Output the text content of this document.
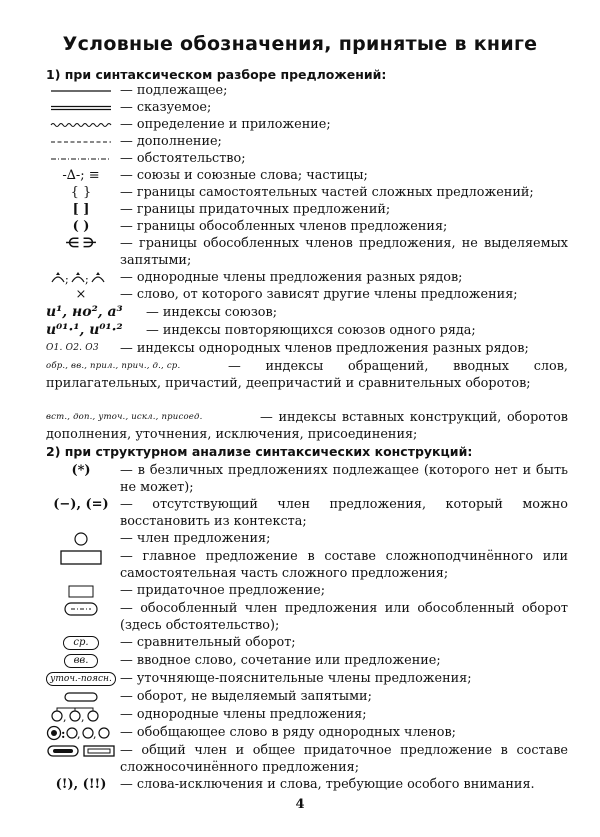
Условные обозначения, принятые в книге
1) при синтаксическом разборе предложений:
— подлежащее;
— сказуемое;
— определение и приложение;
— дополнение;
— обстоятельство;
-∆-; ≡	— союзы и союзные слова; частицы;
{ }	— границы самостоятельных частей сложных предложений;
[ ]	— границы придаточных предложений;
( )	— границы обособленных членов предложения;
⋲ ⋺	— границы обособленных членов предложения, не выделяемых запятыми;
; ; — однородные члены предложения разных рядов;
×	— слово, от которого зависят другие члены предложения;
и¹, но², а³ — индексы союзов;
и⁰¹·¹, и⁰¹·² — индексы повторяющихся союзов одного ряда;
О1. О2. О3 — индексы однородных членов предложения разных рядов;
обр., вв., прил., прич., д., ср.	— индексы обращений, вводных слов, прилагательных, причастий, деепричастий и сравнительных оборотов;
вст., доп., уточ., искл., присоед.	— индексы вставных конструкций, оборотов дополнения, уточнения, исключения, присоединения;
2) при структурном анализе синтаксических конструкций:
(*)	— в безличных предложениях подлежащее (которого нет и быть не может);
(−), (=) — отсутствующий член предложения, который можно восстановить из контекста;
— член предложения;
— главное предложение в составе сложноподчинённого или самостоятельная часть сложного предложения;
— придаточное предложение;
— обособленный член предложения или обособленный оборот (здесь обстоятельство);
ср.	— сравнительный оборот;
вв.	— вводное слово, сочетание или предложение;
уточ.-поясн. — уточняюще-пояснительные члены предложения;
— оборот, не выделяемый запятыми;
, ,	— однородные члены предложения;
: , , — обобщающее слово в ряду однородных членов;
— общий член и общее придаточное предложение в составе сложносочинённого предложения;
(!), (!!)	— слова-исключения и слова, требующие особого внимания.
4
